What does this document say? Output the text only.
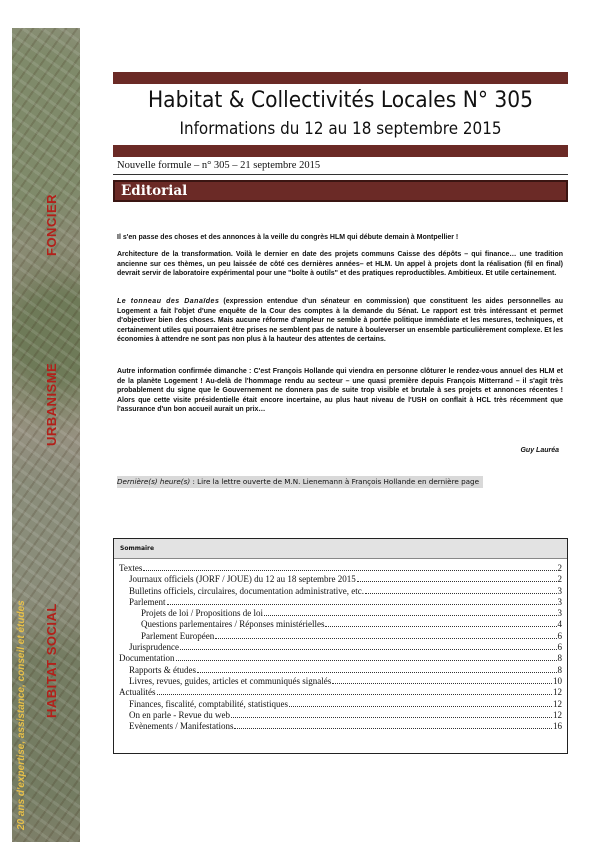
FONCIER
URBANISME
HABITAT SOCIAL
20 ans d'expertise, assistance, conseil et études
Habitat & Collectivités Locales N° 305
Informations du 12 au 18 septembre 2015
Nouvelle formule – n° 305 – 21 septembre 2015
Editorial

Il s'en passe des choses et des annonces à la veille du congrès HLM qui débute demain à Montpellier !

Architecture de la transformation. Voilà le dernier en date des projets communs Caisse des dépôts – qui finance… une tradition ancienne sur ces thèmes, un peu laissée de côté ces dernières années– et HLM. Un appel à projets dont la réalisation (fil en final) devrait servir de laboratoire expérimental pour une "boîte à outils" et des pratiques reproductibles. Ambitieux. Et utile certainement.

Le tonneau des Danaïdes (expression entendue d'un sénateur en commission) que constituent les aides personnelles au Logement a fait l'objet d'une enquête de la Cour des comptes à la demande du Sénat. Le rapport est très intéressant et permet d'objectiver bien des choses. Mais aucune réforme d'ampleur ne semble à portée politique immédiate et les mesures, techniques, et certainement utiles qui pourraient être prises ne semblent pas de nature à bouleverser un ensemble particulièrement complexe. Et les économies à attendre ne sont pas non plus à la hauteur des attentes de certains.

Autre information confirmée dimanche : C'est François Hollande qui viendra en personne clôturer le rendez-vous annuel des HLM et de la planète Logement ! Au-delà de l'hommage rendu au secteur – une quasi première depuis François Mitterrand – il s'agit très probablement du signe que le Gouvernement ne donnera pas de suite trop visible et brutale à ses projets et annonces récentes ! Alors que cette visite présidentielle était encore incertaine, au plus haut niveau de l'USH on conflait à HCL très récemment que l'assurance d'un bon accueil aurait un prix…

Guy Lauréa
Dernière(s) heure(s) : Lire la lettre ouverte de M.N. Lienemann à François Hollande en dernière page
Sommaire
Textes	2
Journaux officiels (JORF / JOUE) du 12 au 18 septembre 2015	2
Bulletins officiels, circulaires, documentation administrative, etc.	3
Parlement	3
Projets de loi / Propositions de loi	3
Questions parlementaires / Réponses ministérielles	4
Parlement Européen	6
Jurisprudence	6
Documentation	8
Rapports & études	8
Livres, revues, guides, articles et communiqués signalés	10
Actualités	12
Finances, fiscalité, comptabilité, statistiques	12
On en parle - Revue du web	12
Evènements / Manifestations	16
